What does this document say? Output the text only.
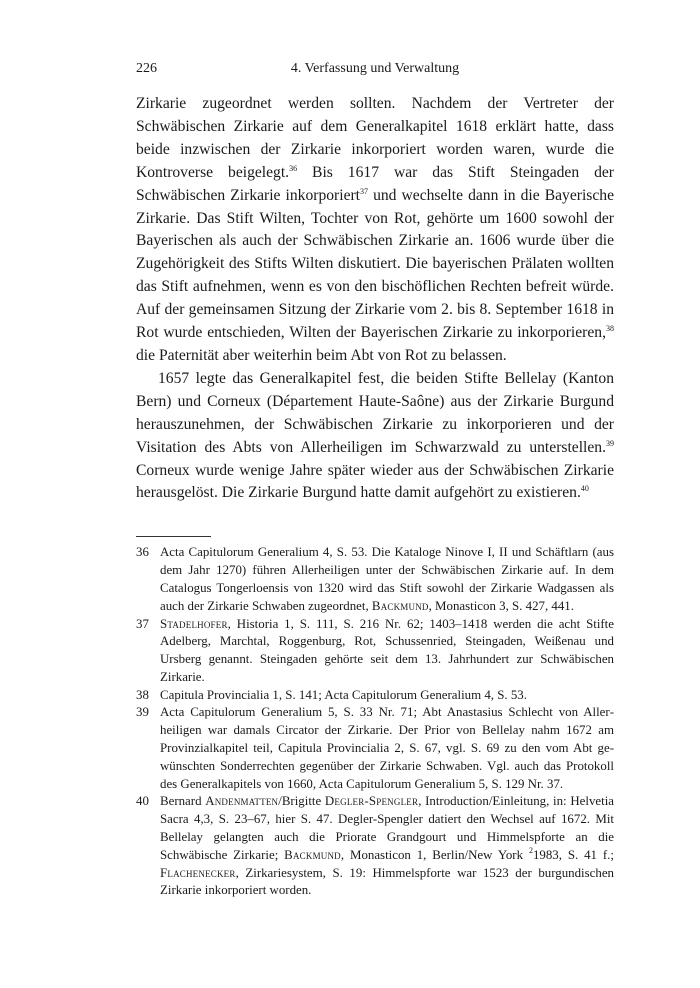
226	4. Verfassung und Verwaltung

Zirkarie zugeordnet werden sollten. Nachdem der Vertreter der Schwäbischen Zirkarie auf dem Generalkapitel 1618 erklärt hatte, dass beide inzwischen der Zirkarie inkorporiert worden waren, wurde die Kontroverse beigelegt.$^{36}$ Bis 1617 war das Stift Steingaden der Schwäbischen Zirkarie inkorporiert$^{37}$ und wechselte dann in die Bayerische Zirkarie. Das Stift Wilten, Tochter von Rot, gehörte um 1600 sowohl der Bayerischen als auch der Schwäbischen Zirkarie an. 1606 wurde über die Zugehörigkeit des Stifts Wilten diskutiert. Die bayerischen Prälaten wollten das Stift aufnehmen, wenn es von den bischöflichen Rechten befreit würde. Auf der gemeinsamen Sitzung der Zirkarie vom 2. bis 8. September 1618 in Rot wurde entschieden, Wilten der Bayerischen Zirkarie zu inkorporieren,$^{38}$ die Paternität aber weiterhin beim Abt von Rot zu belassen.

1657 legte das Generalkapitel fest, die beiden Stifte Bellelay (Kanton Bern) und Corneux (Département Haute-Saône) aus der Zirkarie Burgund herauszunehmen, der Schwäbischen Zirkarie zu inkorporieren und der Visitation des Abts von Allerheiligen im Schwarzwald zu unterstellen.$^{39}$ Corneux wurde wenige Jahre später wieder aus der Schwäbischen Zirkarie herausgelöst. Die Zirkarie Burgund hatte damit aufgehört zu existieren.$^{40}$

36 Acta Capitulorum Generalium 4, S. 53. Die Kataloge Ninove I, II und Schäftlarn (aus dem Jahr 1270) führen Allerheiligen unter der Schwäbischen Zirkarie auf. In dem Catalogus Tongerloensis von 1320 wird das Stift sowohl der Zirkarie Wadgassen als auch der Zirkarie Schwaben zugeordnet, Backmund, Monasticon 3, S. 427, 441.
37 Stadelhofer, Historia 1, S. 111, S. 216 Nr. 62; 1403–1418 werden die acht Stifte Adelberg, Marchtal, Roggenburg, Rot, Schussenried, Steingaden, Weißenau und Ursberg genannt. Steingaden gehörte seit dem 13. Jahrhundert zur Schwäbischen Zirkarie.
38 Capitula Provincialia 1, S. 141; Acta Capitulorum Generalium 4, S. 53.
39 Acta Capitulorum Generalium 5, S. 33 Nr. 71; Abt Anastasius Schlecht von Allerheiligen war damals Circator der Zirkarie. Der Prior von Bellelay nahm 1672 am Provinzialkapitel teil, Capitula Provincialia 2, S. 67, vgl. S. 69 zu den vom Abt gewünschten Sonderrechten gegenüber der Zirkarie Schwaben. Vgl. auch das Protokoll des Generalkapitels von 1660, Acta Capitulorum Generalium 5, S. 129 Nr. 37.
40 Bernard Andenmatten/Brigitte Degler-Spengler, Introduction/Einleitung, in: Helvetia Sacra 4,3, S. 23–67, hier S. 47. Degler-Spengler datiert den Wechsel auf 1672. Mit Bellelay gelangten auch die Priorate Grandgourt und Himmelspforte an die Schwäbische Zirkarie; Backmund, Monasticon 1, Berlin/New York $^2$1983, S. 41 f.; Flachenecker, Zirkariesystem, S. 19: Himmelspforte war 1523 der burgundischen Zirkarie inkorporiert worden.
